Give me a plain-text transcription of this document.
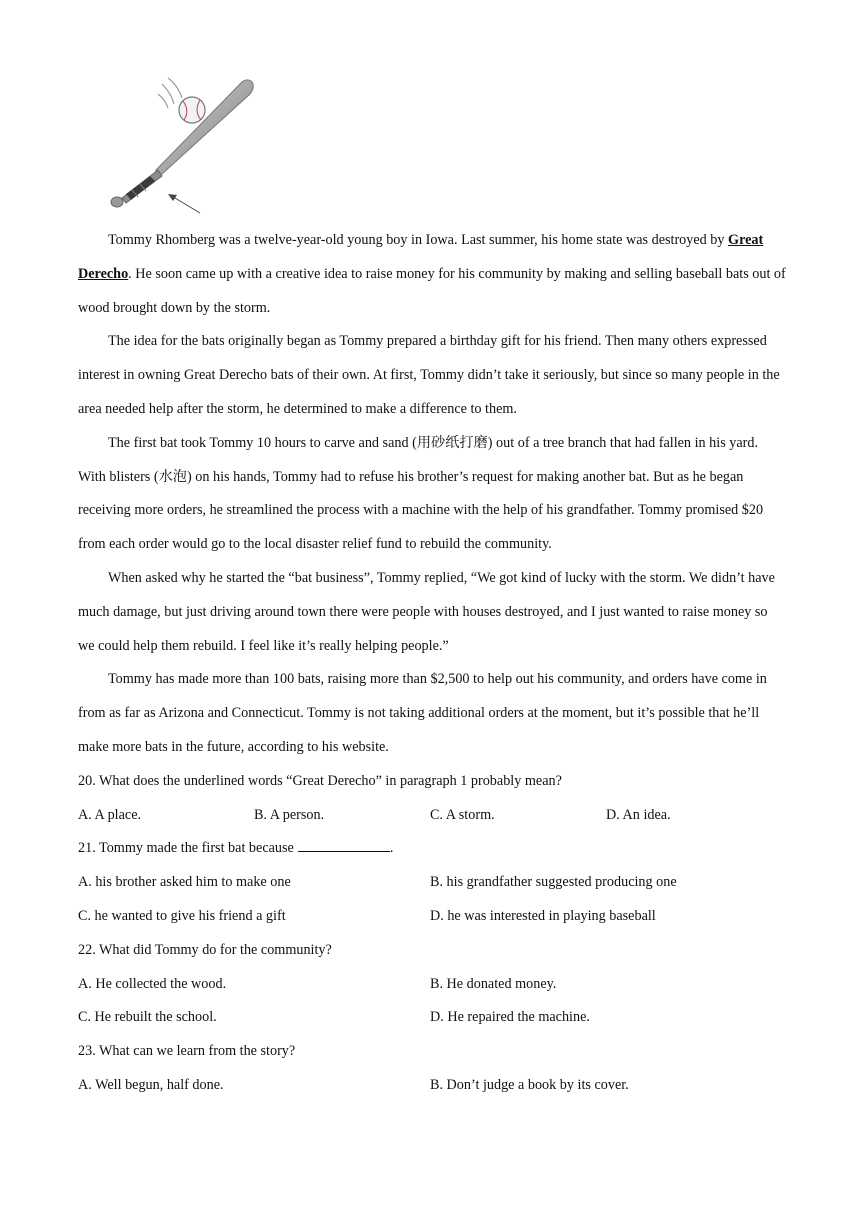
Tommy Rhomberg was a twelve-year-old young boy in Iowa. Last summer, his home state was destroyed by Great Derecho. He soon came up with a creative idea to raise money for his community by making and selling baseball bats out of wood brought down by the storm.

The idea for the bats originally began as Tommy prepared a birthday gift for his friend. Then many others expressed interest in owning Great Derecho bats of their own. At first, Tommy didn’t take it seriously, but since so many people in the area needed help after the storm, he determined to make a difference to them.

The first bat took Tommy 10 hours to carve and sand (用砂纸打磨) out of a tree branch that had fallen in his yard. With blisters (水泡) on his hands, Tommy had to refuse his brother’s request for making another bat. But as he began receiving more orders, he streamlined the process with a machine with the help of his grandfather. Tommy promised $20 from each order would go to the local disaster relief fund to rebuild the community.

When asked why he started the “bat business”, Tommy replied, “We got kind of lucky with the storm. We didn’t have much damage, but just driving around town there were people with houses destroyed, and I just wanted to raise money so we could help them rebuild. I feel like it’s really helping people.”

Tommy has made more than 100 bats, raising more than $2,500 to help out his community, and orders have come in from as far as Arizona and Connecticut. Tommy is not taking additional orders at the moment, but it’s possible that he’ll make more bats in the future, according to his website.

20. What does the underlined words “Great Derecho” in paragraph 1 probably mean?

A. A place.	B. A person.	C. A storm.	D. An idea.

21. Tommy made the first bat because	.

A. his brother asked him to make one	B. his grandfather suggested producing one
C. he wanted to give his friend a gift	D. he was interested in playing baseball

22. What did Tommy do for the community?

A. He collected the wood.	B. He donated money.
C. He rebuilt the school.	D. He repaired the machine.

23. What can we learn from the story?

A. Well begun, half done.	B. Don’t judge a book by its cover.
